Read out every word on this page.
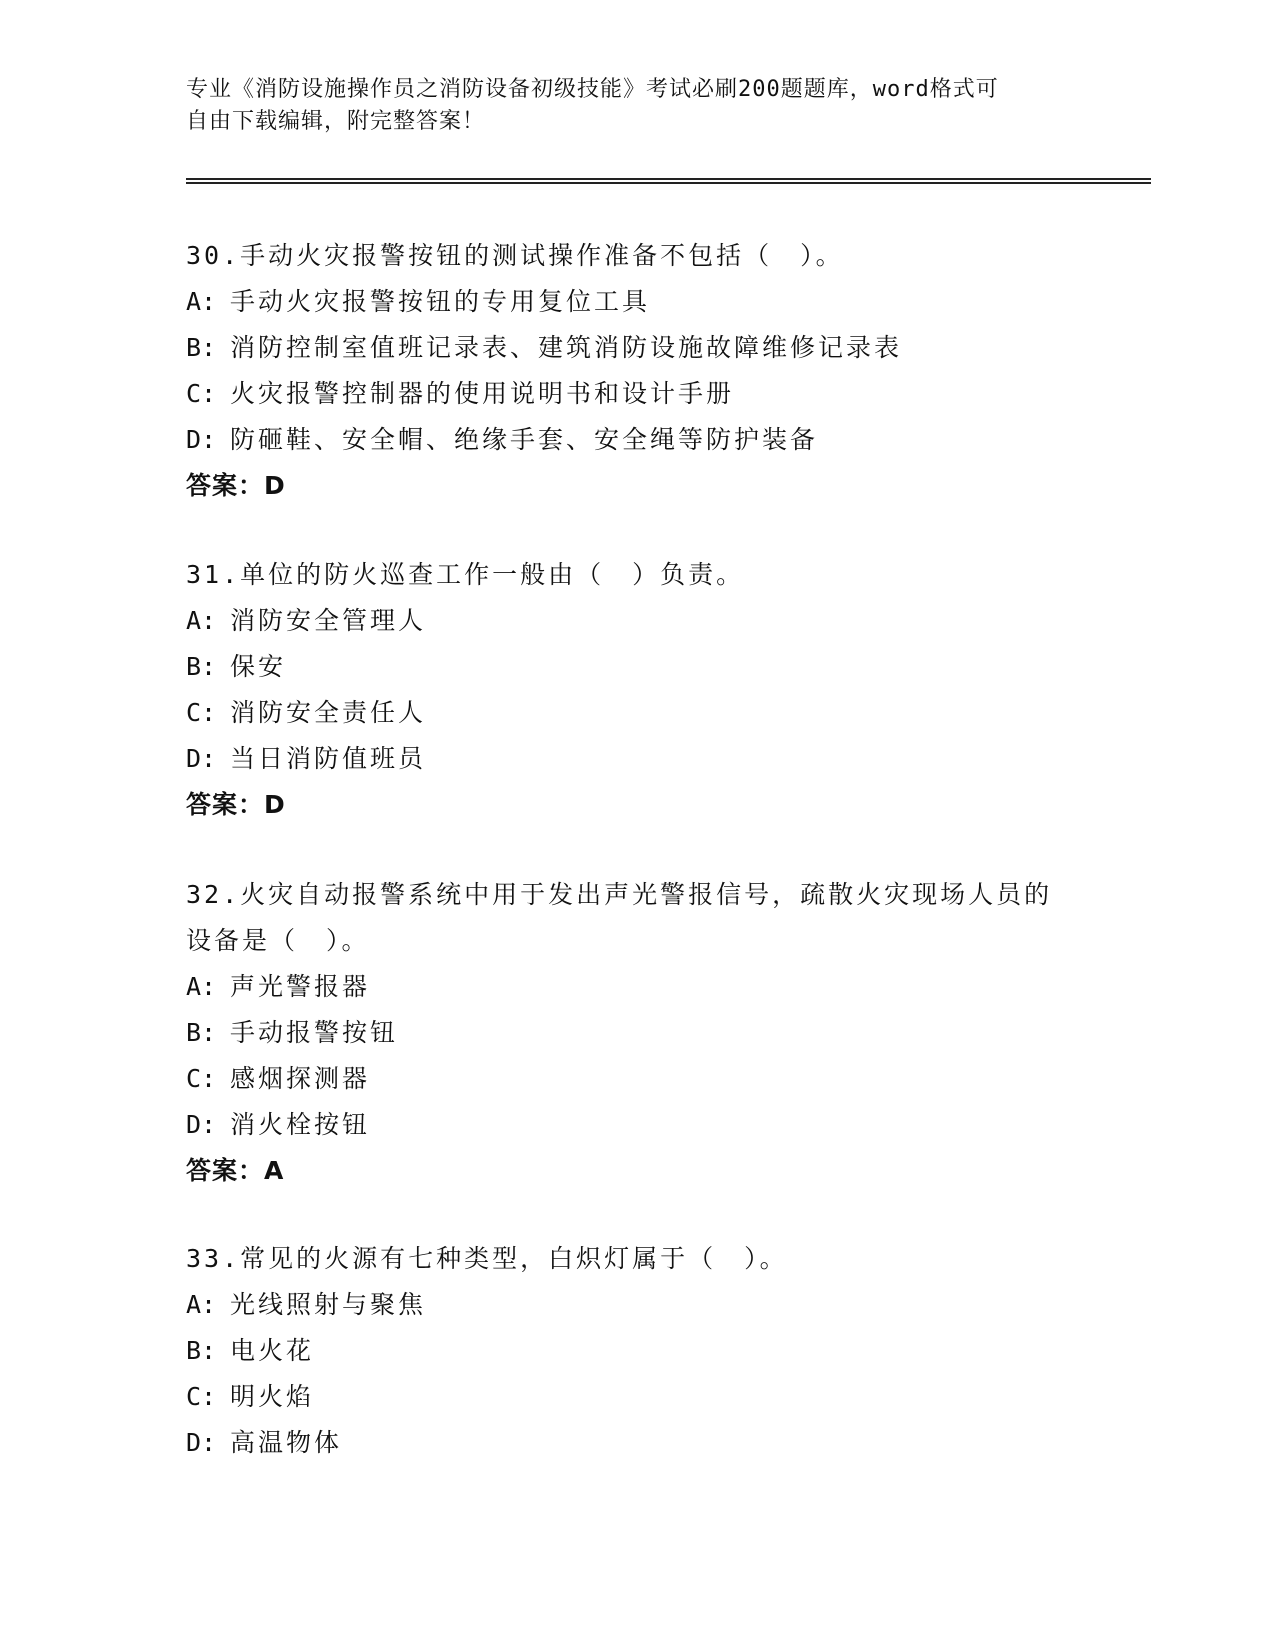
专业《消防设施操作员之消防设备初级技能》考试必刷200题题库，word格式可
自由下载编辑，附完整答案！
30.手动火灾报警按钮的测试操作准备不包括（　）。
A: 手动火灾报警按钮的专用复位工具
B: 消防控制室值班记录表、建筑消防设施故障维修记录表
C: 火灾报警控制器的使用说明书和设计手册
D: 防砸鞋、安全帽、绝缘手套、安全绳等防护装备
答案：D
31.单位的防火巡查工作一般由（　）负责。
A: 消防安全管理人
B: 保安
C: 消防安全责任人
D: 当日消防值班员
答案：D
32.火灾自动报警系统中用于发出声光警报信号，疏散火灾现场人员的
设备是（　）。
A: 声光警报器
B: 手动报警按钮
C: 感烟探测器
D: 消火栓按钮
答案：A
33.常见的火源有七种类型，白炽灯属于（　）。
A: 光线照射与聚焦
B: 电火花
C: 明火焰
D: 高温物体
